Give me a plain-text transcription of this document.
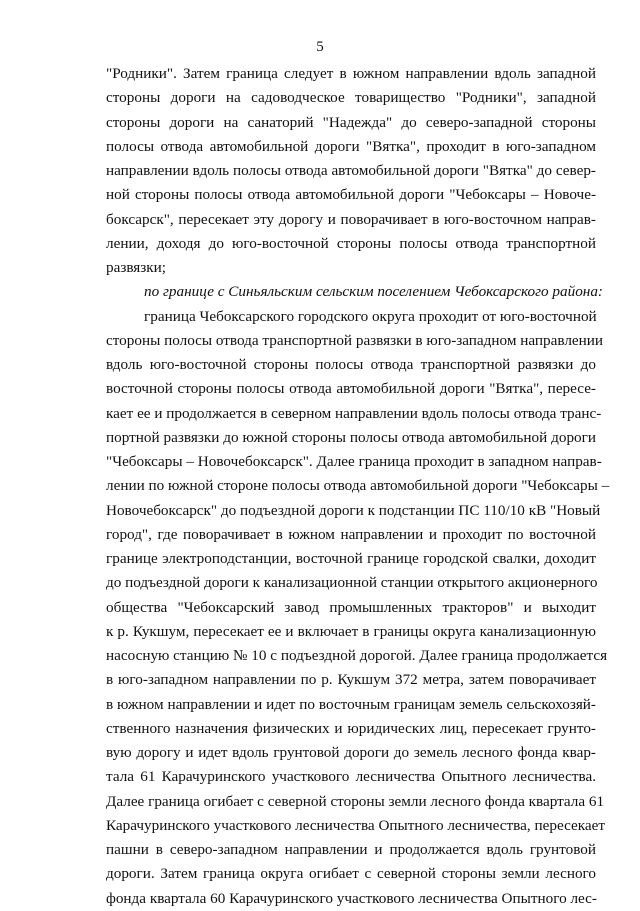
5
"Родники". Затем граница следует в южном направлении вдоль западной
стороны дороги на садоводческое товарищество "Родники", западной
стороны дороги на санаторий "Надежда" до северо-западной стороны
полосы отвода автомобильной дороги "Вятка", проходит в юго-западном
направлении вдоль полосы отвода автомобильной дороги "Вятка" до север-
ной стороны полосы отвода автомобильной дороги "Чебоксары – Новоче-
боксарск", пересекает эту дорогу и поворачивает в юго-восточном направ-
лении, доходя до юго-восточной стороны полосы отвода транспортной
развязки;
по границе с Синьяльским сельским поселением Чебоксарского района:
граница Чебоксарского городского округа проходит от юго-восточной
стороны полосы отвода транспортной развязки в юго-западном направлении
вдоль юго-восточной стороны полосы отвода транспортной развязки до
восточной стороны полосы отвода автомобильной дороги "Вятка", пересе-
кает ее и продолжается в северном направлении вдоль полосы отвода транс-
портной развязки до южной стороны полосы отвода автомобильной дороги
"Чебоксары – Новочебоксарск". Далее граница проходит в западном направ-
лении по южной стороне полосы отвода автомобильной дороги "Чебоксары –
Новочебоксарск" до подъездной дороги к подстанции ПС 110/10 кВ "Новый
город", где поворачивает в южном направлении и проходит по восточной
границе электроподстанции, восточной границе городской свалки, доходит
до подъездной дороги к канализационной станции открытого акционерного
общества "Чебоксарский завод промышленных тракторов" и выходит
к р. Кукшум, пересекает ее и включает в границы округа канализационную
насосную станцию № 10 с подъездной дорогой. Далее граница продолжается
в юго-западном направлении по р. Кукшум 372 метра, затем поворачивает
в южном направлении и идет по восточным границам земель сельскохозяй-
ственного назначения физических и юридических лиц, пересекает грунто-
вую дорогу и идет вдоль грунтовой дороги до земель лесного фонда квар-
тала 61 Карачуринского участкового лесничества Опытного лесничества.
Далее граница огибает с северной стороны земли лесного фонда квартала 61
Карачуринского участкового лесничества Опытного лесничества, пересекает
пашни в северо-западном направлении и продолжается вдоль грунтовой
дороги. Затем граница округа огибает с северной стороны земли лесного
фонда квартала 60 Карачуринского участкового лесничества Опытного лес-
